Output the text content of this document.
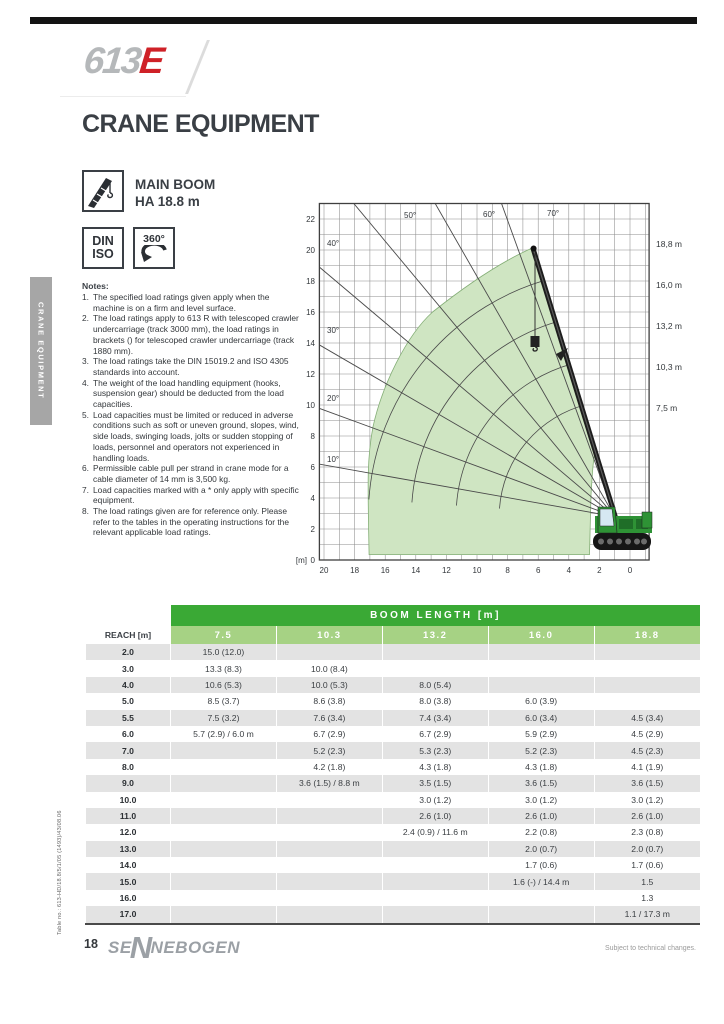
613E
CRANE EQUIPMENT
CRANE EQUIPMENT
MAIN BOOM
HA 18.8 m
DIN
ISO
360°
Notes:
The specified load ratings given apply when the machine is on a firm and level surface.
The load ratings apply to 613 R with telescoped crawler undercarriage (track 3000 mm), the load ratings in brackets () for telescoped crawler undercarriage (track 1880 mm).
The load ratings take the DIN 15019.2 and ISO 4305 standards into account.
The weight of the load handling equipment (hooks, suspension gear) should be deducted from the load capacities.
Load capacities must be limited or reduced in adverse conditions such as soft or uneven ground, slopes, wind, side loads, swinging loads, jolts or sudden stopping of loads, personnel and operators not experienced in handling loads.
Permissible cable pull per strand in crane mode for a cable diameter of 14 mm is 3,500 kg.
Load capacities marked with a * only apply with specific equipment.
The load ratings given are for reference only. Please refer to the tables in the operating instructions for the relevant applicable load ratings.
20	18	16	14	12	10	8	6	4	2	0
0
2
4
6
8
10
12
14
16
18
20
22
[m]
10°
20°
30°
40°
50°	60°	70°
18,8 m
16,0 m
13,2 m
10,3 m
7,5 m
	BOOM LENGTH [m]				
REACH [m]	7.5	10.3	13.2	16.0	18.8
2.0	15.0 (12.0)				
3.0	13.3 (8.3)	10.0 (8.4)			
4.0	10.6 (5.3)	10.0 (5.3)	8.0 (5.4)		
5.0	8.5 (3.7)	8.6 (3.8)	8.0 (3.8)	6.0 (3.9)	
5.5	7.5 (3.2)	7.6 (3.4)	7.4 (3.4)	6.0 (3.4)	4.5 (3.4)
6.0	5.7 (2.9) / 6.0 m	6.7 (2.9)	6.7 (2.9)	5.9 (2.9)	4.5 (2.9)
7.0		5.2 (2.3)	5.3 (2.3)	5.2 (2.3)	4.5 (2.3)
8.0		4.2 (1.8)	4.3 (1.8)	4.3 (1.8)	4.1 (1.9)
9.0		3.6 (1.5) / 8.8 m	3.5 (1.5)	3.6 (1.5)	3.6 (1.5)
10.0			3.0 (1.2)	3.0 (1.2)	3.0 (1.2)
11.0			2.6 (1.0)	2.6 (1.0)	2.6 (1.0)
12.0			2.4 (0.9) / 11.6 m	2.2 (0.8)	2.3 (0.8)
13.0				2.0 (0.7)	2.0 (0.7)
14.0				1.7 (0.6)	1.7 (0.6)
15.0				1.6 (-) / 14.4 m	1.5
16.0					1.3
17.0					1.1 / 17.3 m
Table no.: 613-HD/18.8/5/1/05 (1493)/43/08.06
18 SENNEBOGEN	Subject to technical changes.
